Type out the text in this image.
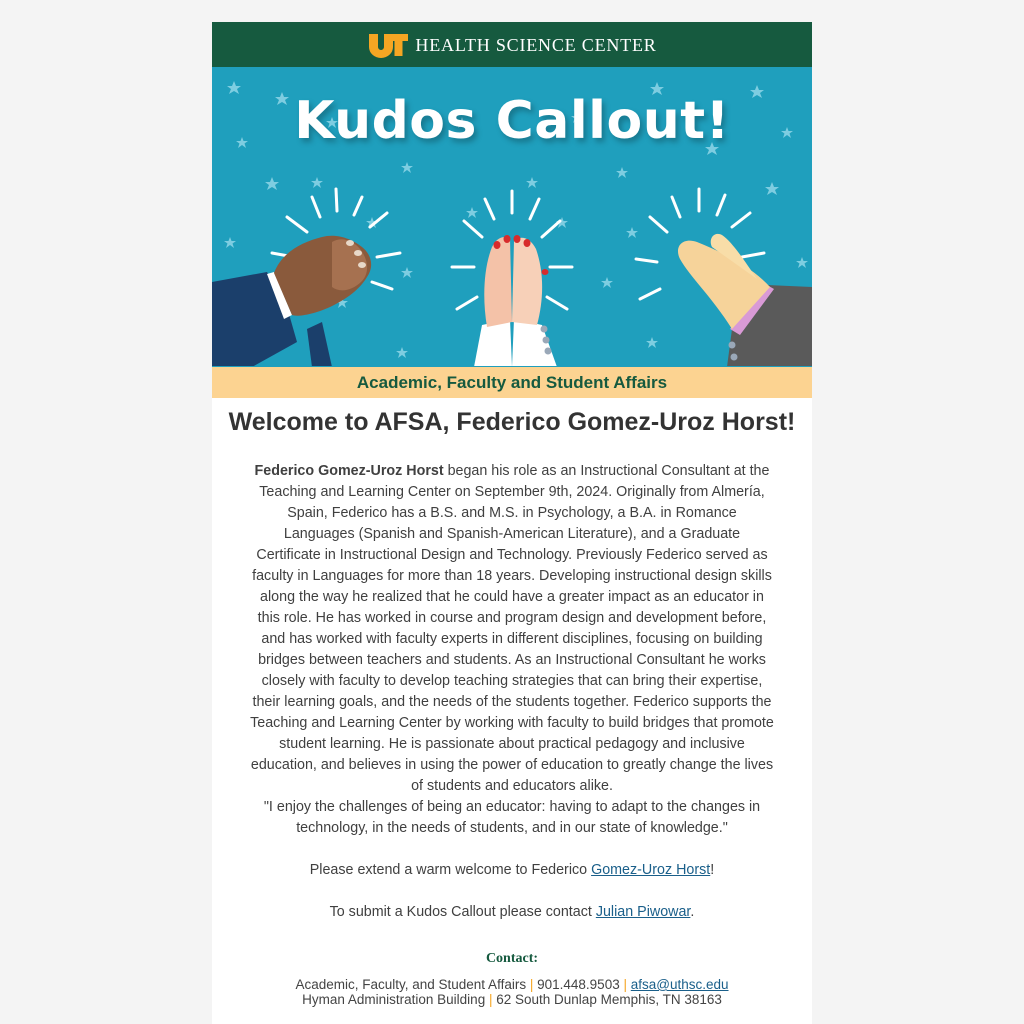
HEALTH SCIENCE CENTER
Kudos Callout!
Academic, Faculty and Student Affairs
Welcome to AFSA, Federico Gomez-Uroz Horst!

Federico Gomez-Uroz Horst began his role as an Instructional Consultant at the Teaching and Learning Center on September 9th, 2024. Originally from Almería, Spain, Federico has a B.S. and M.S. in Psychology, a B.A. in Romance Languages (Spanish and Spanish-American Literature), and a Graduate Certificate in Instructional Design and Technology. Previously Federico served as faculty in Languages for more than 18 years. Developing instructional design skills along the way he realized that he could have a greater impact as an educator in this role. He has worked in course and program design and development before, and has worked with faculty experts in different disciplines, focusing on building bridges between teachers and students. As an Instructional Consultant he works closely with faculty to develop teaching strategies that can bring their expertise, their learning goals, and the needs of the students together. Federico supports the Teaching and Learning Center by working with faculty to build bridges that promote student learning. He is passionate about practical pedagogy and inclusive education, and believes in using the power of education to greatly change the lives of students and educators alike.

"I enjoy the challenges of being an educator: having to adapt to the changes in technology, in the needs of students, and in our state of knowledge."

Please extend a warm welcome to Federico Gomez-Uroz Horst!

To submit a Kudos Callout please contact Julian Piwowar.

Contact:
Academic, Faculty, and Student Affairs | 901.448.9503 | afsa@uthsc.edu
Hyman Administration Building | 62 South Dunlap Memphis, TN 38163
